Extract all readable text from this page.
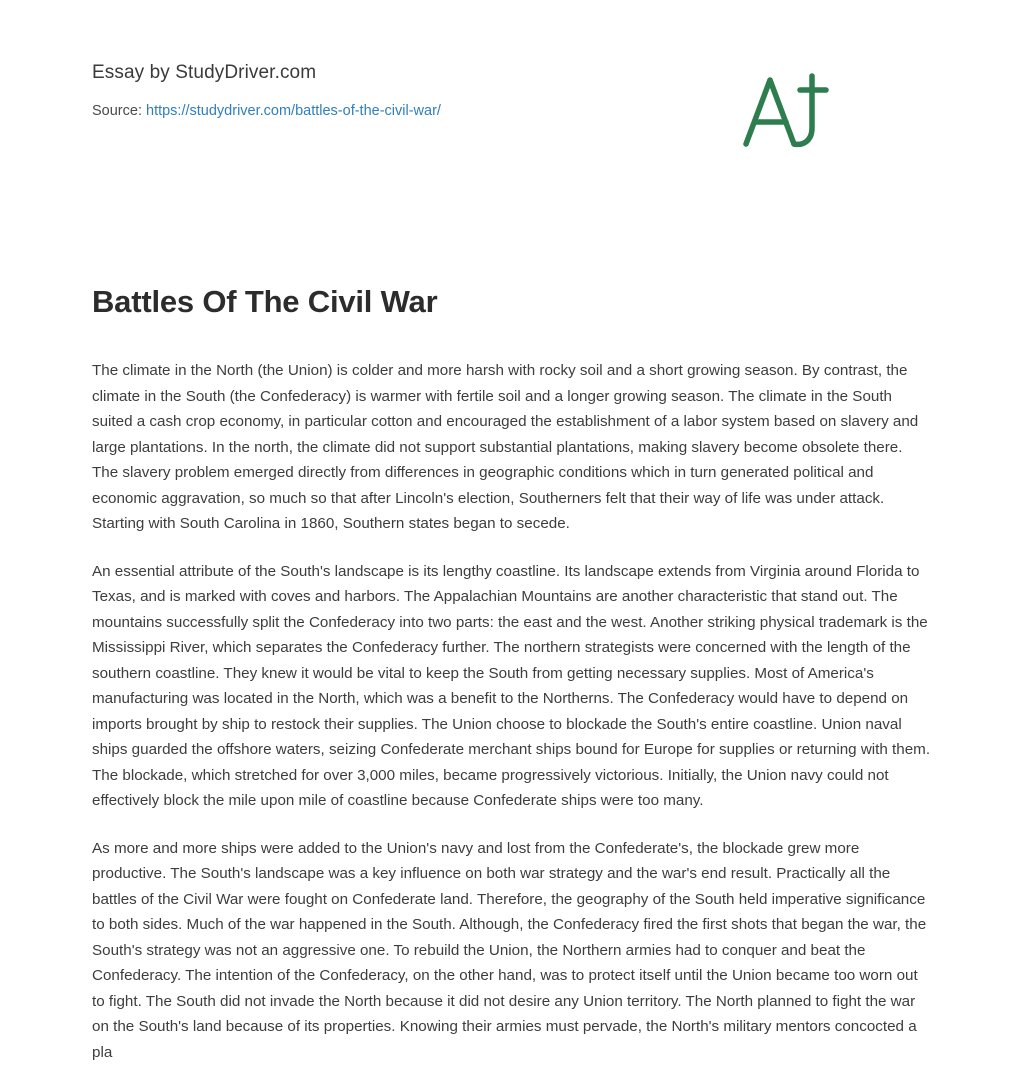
Essay by StudyDriver.com
Source: https://studydriver.com/battles-of-the-civil-war/
Battles Of The Civil War

The climate in the North (the Union) is colder and more harsh with rocky soil and a short growing season. By contrast, the climate in the South (the Confederacy) is warmer with fertile soil and a longer growing season. The climate in the South suited a cash crop economy, in particular cotton and encouraged the establishment of a labor system based on slavery and large plantations. In the north, the climate did not support substantial plantations, making slavery become obsolete there. The slavery problem emerged directly from differences in geographic conditions which in turn generated political and economic aggravation, so much so that after Lincoln's election, Southerners felt that their way of life was under attack. Starting with South Carolina in 1860, Southern states began to secede.

An essential attribute of the South's landscape is its lengthy coastline. Its landscape extends from Virginia around Florida to Texas, and is marked with coves and harbors. The Appalachian Mountains are another characteristic that stand out. The mountains successfully split the Confederacy into two parts: the east and the west. Another striking physical trademark is the Mississippi River, which separates the Confederacy further. The northern strategists were concerned with the length of the southern coastline. They knew it would be vital to keep the South from getting necessary supplies. Most of America's manufacturing was located in the North, which was a benefit to the Northerns. The Confederacy would have to depend on imports brought by ship to restock their supplies. The Union choose to blockade the South's entire coastline. Union naval ships guarded the offshore waters, seizing Confederate merchant ships bound for Europe for supplies or returning with them. The blockade, which stretched for over 3,000 miles, became progressively victorious. Initially, the Union navy could not effectively block the mile upon mile of coastline because Confederate ships were too many.

As more and more ships were added to the Union's navy and lost from the Confederate's, the blockade grew more productive. The South's landscape was a key influence on both war strategy and the war's end result. Practically all the battles of the Civil War were fought on Confederate land. Therefore, the geography of the South held imperative significance to both sides. Much of the war happened in the South. Although, the Confederacy fired the first shots that began the war, the South's strategy was not an aggressive one. To rebuild the Union, the Northern armies had to conquer and beat the Confederacy. The intention of the Confederacy, on the other hand, was to protect itself until the Union became too worn out to fight. The South did not invade the North because it did not desire any Union territory. The North planned to fight the war on the South's land because of its properties. Knowing their armies must pervade, the North's military mentors concocted a pla
